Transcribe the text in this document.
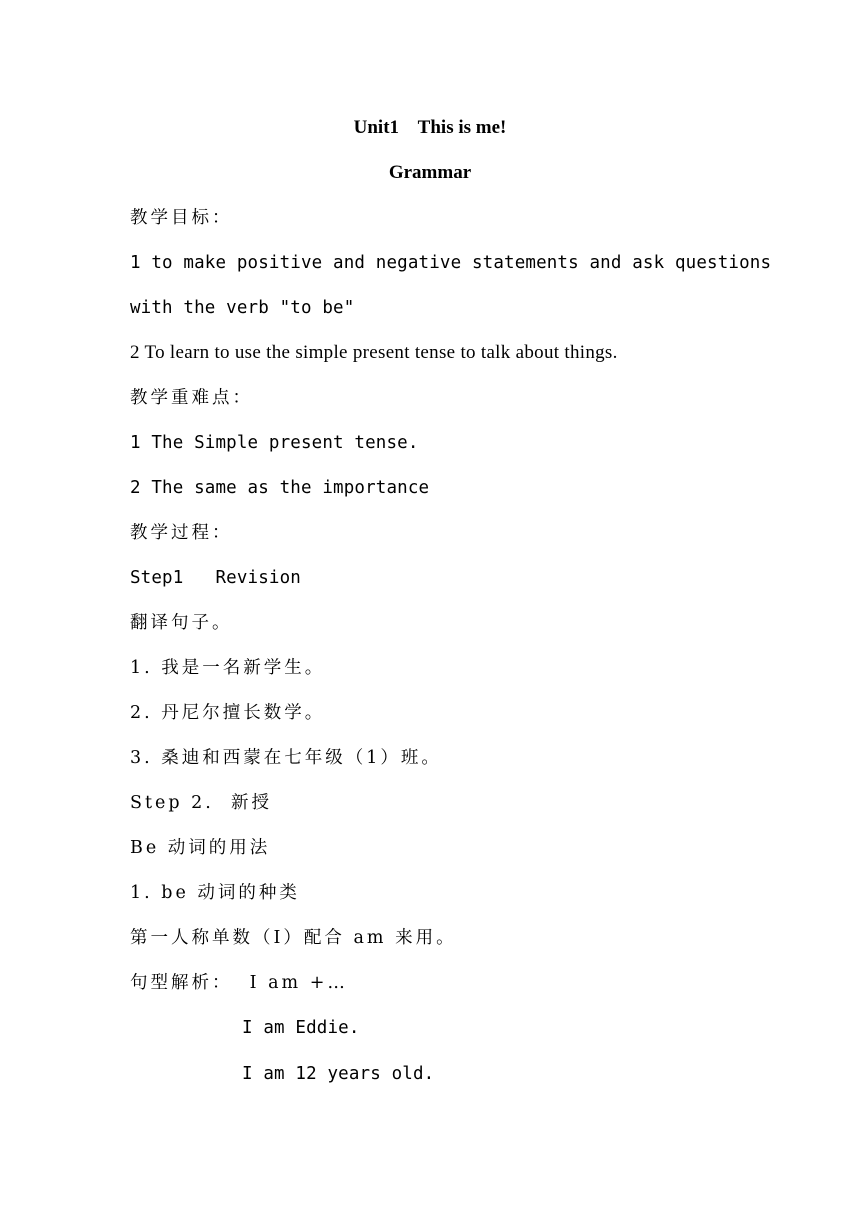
Unit1    This is me!
Grammar
教学目标：
1 to make positive and negative statements and ask questions
with the verb "to be"
2 To learn to use the simple present tense to talk about things.
教学重难点：
1 The Simple present tense.
2 The same as the importance
教学过程：
Step1   Revision
翻译句子。
1. 我是一名新学生。
2. 丹尼尔擅长数学。
3. 桑迪和西蒙在七年级（1）班。
Step 2.  新授
Be 动词的用法
1. be 动词的种类
第一人称单数（I）配合 am 来用。
句型解析：  I am +…
I am Eddie.
I am 12 years old.
